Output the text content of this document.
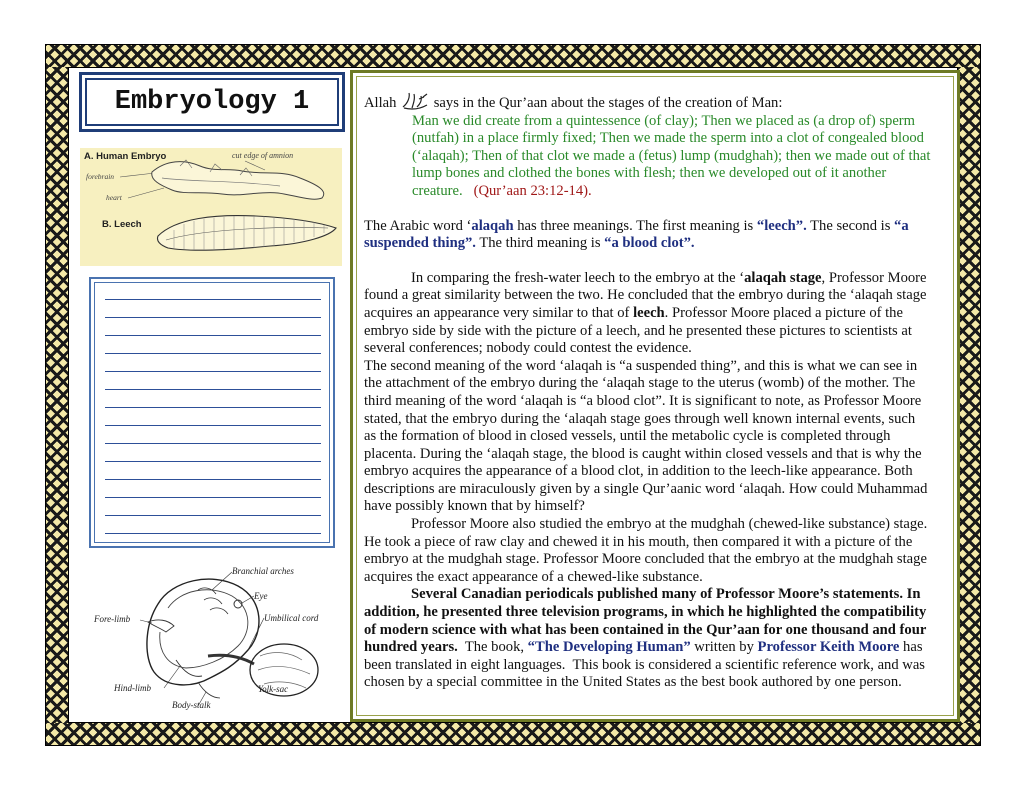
Embryology 1
A. Human Embryo	cut edge of amnion
forebrain
heart
B. Leech
Branchial arches
Eye
Fore-limb	Umbilical cord
Hind-limb	Yolk-sac
Body-stalk

Allah	says in the Qur’aan about the stages of the creation of Man:

Man we did create from a quintessence (of clay); Then we placed as (a drop of) sperm

(nutfah) in a place firmly fixed; Then we made the sperm into a clot of congealed blood

(‘alaqah); Then of that clot we made a (fetus) lump (mudghah); then we made out of that

lump bones and clothed the bones with flesh; then we developed out of it another

creature. (Qur’aan 23:12-14).

The Arabic word ‘alaqah has three meanings. The first meaning is “leech”. The second is “a

suspended thing”. The third meaning is “a blood clot”.

In comparing the fresh-water leech to the embryo at the ‘alaqah stage, Professor Moore

found a great similarity between the two. He concluded that the embryo during the ‘alaqah stage

acquires an appearance very similar to that of leech. Professor Moore placed a picture of the

embryo side by side with the picture of a leech, and he presented these pictures to scientists at

several conferences; nobody could contest the evidence.

The second meaning of the word ‘alaqah is “a suspended thing”, and this is what we can see in

the attachment of the embryo during the ‘alaqah stage to the uterus (womb) of the mother. The

third meaning of the word ‘alaqah is “a blood clot”. It is significant to note, as Professor Moore

stated, that the embryo during the ‘alaqah stage goes through well known internal events, such

as the formation of blood in closed vessels, until the metabolic cycle is completed through

placenta. During the ‘alaqah stage, the blood is caught within closed vessels and that is why the

embryo acquires the appearance of a blood clot, in addition to the leech-like appearance. Both

descriptions are miraculously given by a single Qur’aanic word ‘alaqah. How could Muhammad

have possibly known that by himself?

Professor Moore also studied the embryo at the mudghah (chewed-like substance) stage.

He took a piece of raw clay and chewed it in his mouth, then compared it with a picture of the

embryo at the mudghah stage. Professor Moore concluded that the embryo at the mudghah stage

acquires the exact appearance of a chewed-like substance.

Several Canadian periodicals published many of Professor Moore’s statements. In

addition, he presented three television programs, in which he highlighted the compatibility

of modern science with what has been contained in the Qur’aan for one thousand and four

hundred years.  The book, “The Developing Human” written by Professor Keith Moore has

been translated in eight languages.  This book is considered a scientific reference work, and was

chosen by a special committee in the United States as the best book authored by one person.
